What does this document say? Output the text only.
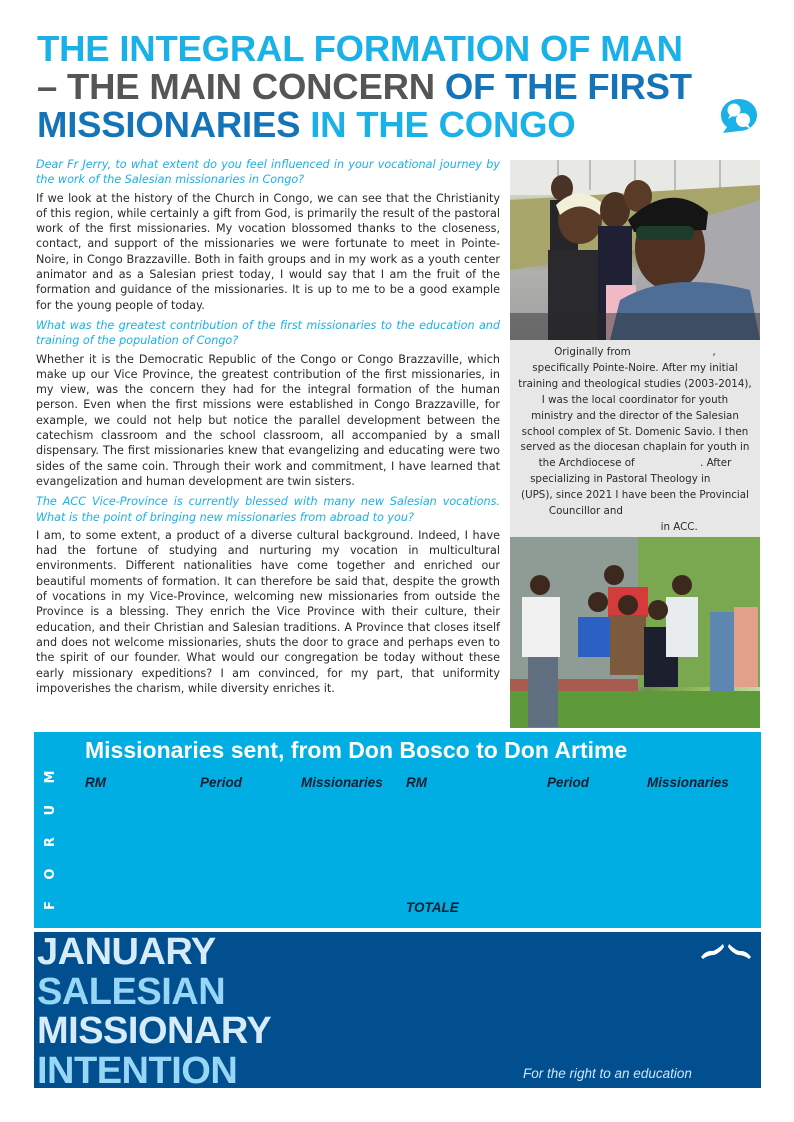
THE INTEGRAL FORMATION OF MAN
– THE MAIN CONCERN OF THE FIRST
MISSIONARIES IN THE CONGO

Dear Fr Jerry, to what extent do you feel influenced in your vocational journey by the work of the Salesian missionaries in Congo?

If we look at the history of the Church in Congo, we can see that the Christianity of this region, while certainly a gift from God, is primarily the result of the pastoral work of the first missionaries. My vocation blossomed thanks to the closeness, contact, and support of the missionaries we were fortunate to meet in Pointe-Noire, in Congo Brazzaville. Both in faith groups and in my work as a youth center animator and as a Salesian priest today, I would say that I am the fruit of the formation and guidance of the missionaries. It is up to me to be a good example for the young people of today.

What was the greatest contribution of the first missionaries to the education and training of the population of Congo?

Whether it is the Democratic Republic of the Congo or Congo Brazzaville, which make up our Vice Province, the greatest contribution of the first missionaries, in my view, was the concern they had for the integral formation of the human person. Even when the first missions were established in Congo Brazzaville, for example, we could not help but notice the parallel development between the catechism classroom and the school classroom, all accompanied by a small dispensary. The first missionaries knew that evangelizing and educating were two sides of the same coin. Through their work and commitment, I have learned that evangelization and human development are twin sisters.

The ACC Vice-Province is currently blessed with many new Salesian vocations. What is the point of bringing new missionaries from abroad to you?

I am, to some extent, a product of a diverse cultural background. Indeed, I have had the fortune of studying and nurturing my vocation in multicultural environments. Different nationalities have come together and enriched our beautiful moments of formation. It can therefore be said that, despite the growth of vocations in my Vice-Province, welcoming new missionaries from outside the Province is a blessing. They enrich the Vice Province with their culture, their education, and their Christian and Salesian traditions. A Province that closes itself and does not welcome missionaries, shuts the door to grace and perhaps even to the spirit of our founder. What would our congregation be today without these early missionary expeditions? I am convinced, for my part, that uniformity impoverishes the charism, while diversity enriches it.

Originally from                         ,
specifically Pointe-Noire. After my initial
training and theological studies (2003-2014),
I was the local coordinator for youth
ministry and the director of the Salesian
school complex of St. Domenic Savio. I then
served as the diocesan chaplain for youth in
the Archdiocese of                    . After
specializing in Pastoral Theology in
(UPS), since 2021 I have been the Provincial
Councillor and
in ACC.
FORUM Missionaries sent, from Don Bosco to Don Artime
RM	Period	Missionaries RM	Period	Missionaries
TOTALE
JANUARY
SALESIAN
MISSIONARY
INTENTION	For the right to an education
